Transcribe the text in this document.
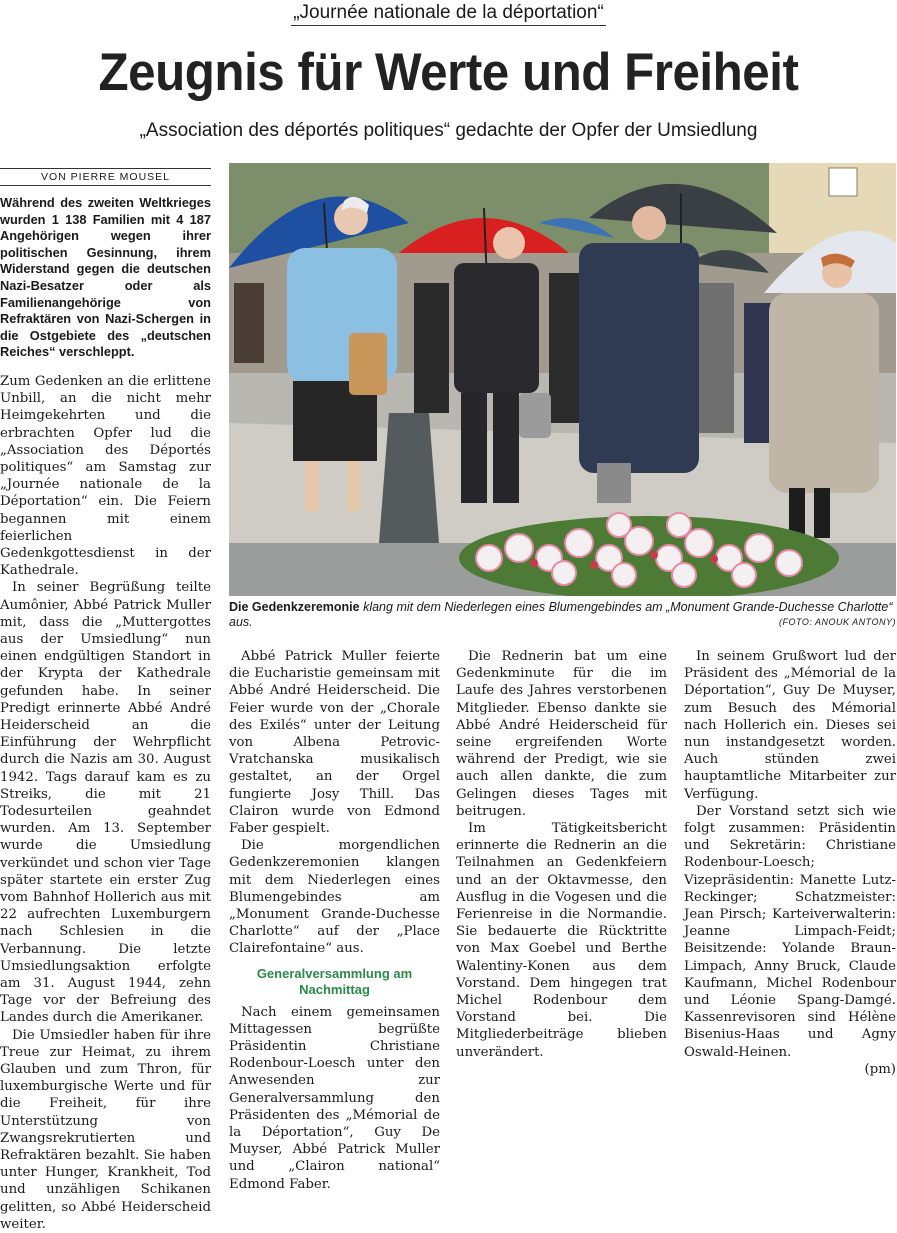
„Journée nationale de la déportation“
Zeugnis für Werte und Freiheit
„Association des déportés politiques“ gedachte der Opfer der Umsiedlung
VON PIERRE MOUSEL
Die Gedenkzeremonie klang mit dem Niederlegen eines Blumengebindes am „Monument Grande-Duchesse Charlotte“ aus.	(FOTO: ANOUK ANTONY)

Während des zweiten Weltkrieges wurden 1 138 Familien mit 4 187 Angehörigen wegen ihrer politischen Gesinnung, ihrem Widerstand gegen die deutschen Nazi-Besatzer oder als Familienangehörige von Refraktären von Nazi-Schergen in die Ostgebiete des „deutschen Reiches“ verschleppt.

Zum Gedenken an die erlittene Unbill, an die nicht mehr Heimgekehrten und die erbrachten Opfer lud die „Association des Déportés politiques“ am Samstag zur „Journée nationale de la Déportation“ ein. Die Feiern begannen mit einem feierlichen Gedenkgottesdienst in der Kathedrale.

In seiner Begrüßung teilte Aumônier, Abbé Patrick Muller mit, dass die „Muttergottes aus der Umsiedlung“ nun einen endgültigen Standort in der Krypta der Kathedrale gefunden habe. In seiner Predigt erinnerte Abbé André Heiderscheid an die Einführung der Wehrpflicht durch die Nazis am 30. August 1942. Tags darauf kam es zu Streiks, die mit 21 Todesurteilen geahndet wurden. Am 13. September wurde die Umsiedlung verkündet und schon vier Tage später startete ein erster Zug vom Bahnhof Hollerich aus mit 22 aufrechten Luxemburgern nach Schlesien in die Verbannung. Die letzte Umsiedlungsaktion erfolgte am 31. August 1944, zehn Tage vor der Befreiung des Landes durch die Amerikaner.

Die Umsiedler haben für ihre Treue zur Heimat, zu ihrem Glauben und zum Thron, für luxemburgische Werte und für die Freiheit, für ihre Unterstützung von Zwangsrekrutierten und Refraktären bezahlt. Sie haben unter Hunger, Krankheit, Tod und unzähligen Schikanen gelitten, so Abbé Heiderscheid weiter.

Abbé Patrick Muller feierte die Eucharistie gemeinsam mit Abbé André Heiderscheid. Die Feier wurde von der „Chorale des Exilés“ unter der Leitung von Albena Petrovic-Vratchanska musikalisch gestaltet, an der Orgel fungierte Josy Thill. Das Clairon wurde von Edmond Faber gespielt.

Die morgendlichen Gedenkzeremonien klangen mit dem Niederlegen eines Blumengebindes am „Monument Grande-Duchesse Charlotte“ auf der „Place Clairefontaine“ aus.

Generalversammlung am Nachmittag

Nach einem gemeinsamen Mittagessen begrüßte Präsidentin Christiane Rodenbour-Loesch unter den Anwesenden zur Generalversammlung den Präsidenten des „Mémorial de la Déportation“, Guy De Muyser, Abbé Patrick Muller und „Clairon national“ Edmond Faber.

Die Rednerin bat um eine Gedenkminute für die im Laufe des Jahres verstorbenen Mitglieder. Ebenso dankte sie Abbé André Heiderscheid für seine ergreifenden Worte während der Predigt, wie sie auch allen dankte, die zum Gelingen dieses Tages mit beitrugen.

Im Tätigkeitsbericht erinnerte die Rednerin an die Teilnahmen an Gedenkfeiern und an der Oktavmesse, den Ausflug in die Vogesen und die Ferienreise in die Normandie. Sie bedauerte die Rücktritte von Max Goebel und Berthe Walentiny-Konen aus dem Vorstand. Dem hingegen trat Michel Rodenbour dem Vorstand bei. Die Mitgliederbeiträge blieben unverändert.

In seinem Grußwort lud der Präsident des „Mémorial de la Déportation“, Guy De Muyser, zum Besuch des Mémorial nach Hollerich ein. Dieses sei nun instandgesetzt worden. Auch stünden zwei hauptamtliche Mitarbeiter zur Verfügung.

Der Vorstand setzt sich wie folgt zusammen: Präsidentin und Sekretärin: Christiane Rodenbour-Loesch; Vizepräsidentin: Manette Lutz-Reckinger; Schatzmeister: Jean Pirsch; Karteiverwalterin: Jeanne Limpach-Feidt; Beisitzende: Yolande Braun-Limpach, Anny Bruck, Claude Kaufmann, Michel Rodenbour und Léonie Spang-Damgé. Kassenrevisoren sind Hélène Bisenius-Haas und Agny Oswald-Heinen.

(pm)
